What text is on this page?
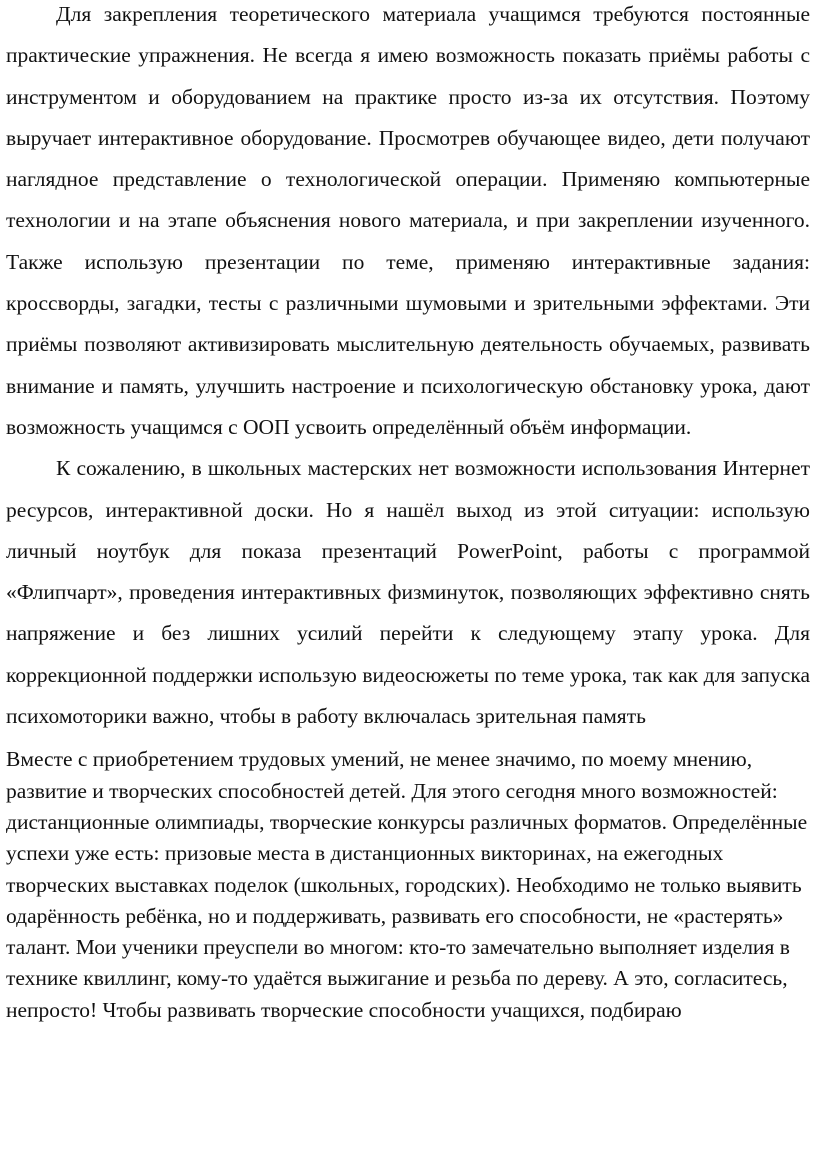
Для закрепления теоретического материала учащимся требуются постоянные практические упражнения. Не всегда я имею возможность показать приёмы работы с инструментом и оборудованием на практике просто из-за их отсутствия. Поэтому выручает интерактивное оборудование. Просмотрев обучающее видео, дети получают наглядное представление о технологической операции. Применяю компьютерные технологии и на этапе объяснения нового материала, и при закреплении изученного. Также использую презентации по теме, применяю интерактивные задания: кроссворды, загадки, тесты с различными шумовыми и зрительными эффектами. Эти приёмы позволяют активизировать мыслительную деятельность обучаемых, развивать внимание и память, улучшить настроение и психологическую обстановку урока, дают возможность учащимся с ООП усвоить определённый объём информации.

К сожалению, в школьных мастерских нет возможности использования Интернет ресурсов, интерактивной доски. Но я нашёл выход из этой ситуации: использую личный ноутбук для показа презентаций PowerPoint, работы с программой «Флипчарт», проведения интерактивных физминуток, позволяющих эффективно снять напряжение и без лишних усилий перейти к следующему этапу урока. Для коррекционной поддержки использую видеосюжеты по теме урока, так как для запуска психомоторики важно, чтобы в работу включалась зрительная память

Вместе с приобретением трудовых умений, не менее значимо, по моему мнению, развитие и творческих способностей детей. Для этого сегодня много возможностей: дистанционные олимпиады, творческие конкурсы различных форматов. Определённые успехи уже есть: призовые места в дистанционных викторинах, на ежегодных творческих выставках поделок (школьных, городских). Необходимо не только выявить одарённость ребёнка, но и поддерживать, развивать его способности, не «растерять» талант. Мои ученики преуспели во многом: кто-то замечательно выполняет изделия в технике квиллинг, кому-то удаётся выжигание и резьба по дереву. А это, согласитесь, непросто! Чтобы развивать творческие способности учащихся, подбираю
